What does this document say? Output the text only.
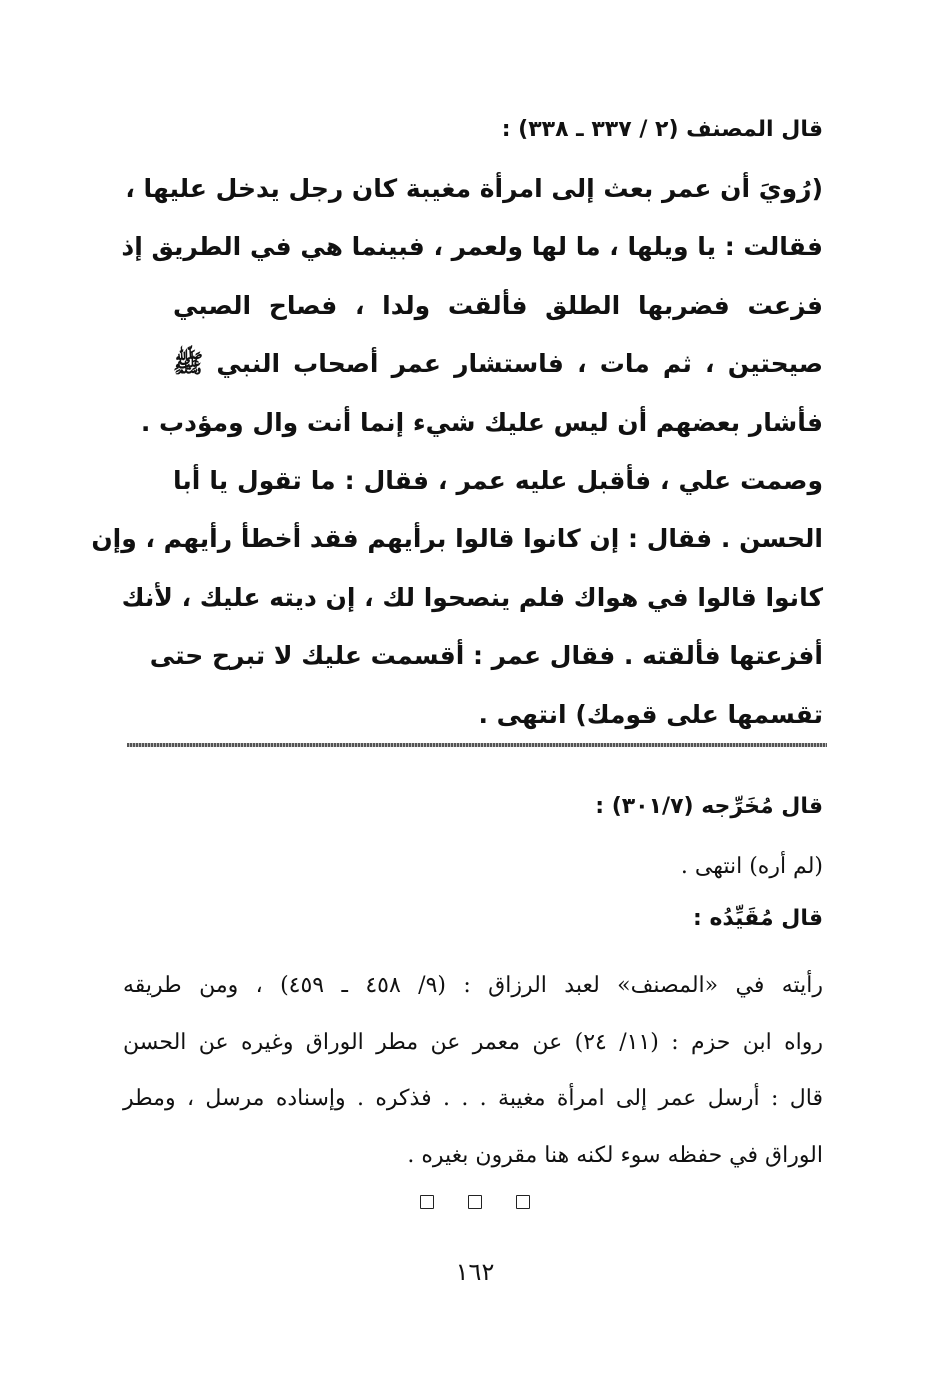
قال المصنف (٢ / ٣٣٧ ـ ٣٣٨) :
(رُويَ أن عمر بعث إلى امرأة مغيبة كان رجل يدخل عليها ،
فقالت : يا ويلها ، ما لها ولعمر ، فبينما هي في الطريق إذ
فزعت فضربها الطلق فألقت ولدا ، فصاح الصبي
صيحتين ، ثم مات ، فاستشار عمر أصحاب النبي ﷺ
فأشار بعضهم أن ليس عليك شيء إنما أنت وال ومؤدب .
وصمت علي ، فأقبل عليه عمر ، فقال : ما تقول يا أبا
الحسن . فقال : إن كانوا قالوا برأيهم فقد أخطأ رأيهم ، وإن
كانوا قالوا في هواك فلم ينصحوا لك ، إن ديته عليك ، لأنك
أفزعتها فألقته . فقال عمر : أقسمت عليك لا تبرح حتى
تقسمها على قومك) انتهى .
قال مُخَرِّجه (٣٠١/٧) :
(لم أره) انتهى .
قال مُقَيِّدُه :
رأيته في «المصنف» لعبد الرزاق : (٩/ ٤٥٨ ـ ٤٥٩) ، ومن طريقه
رواه ابن حزم : (١١/ ٢٤) عن معمر عن مطر الوراق وغيره عن الحسن
قال : أرسل عمر إلى امرأة مغيبة . . . فذكره . وإسناده مرسل ، ومطر
الوراق في حفظه سوء لكنه هنا مقرون بغيره .

١٦٢
